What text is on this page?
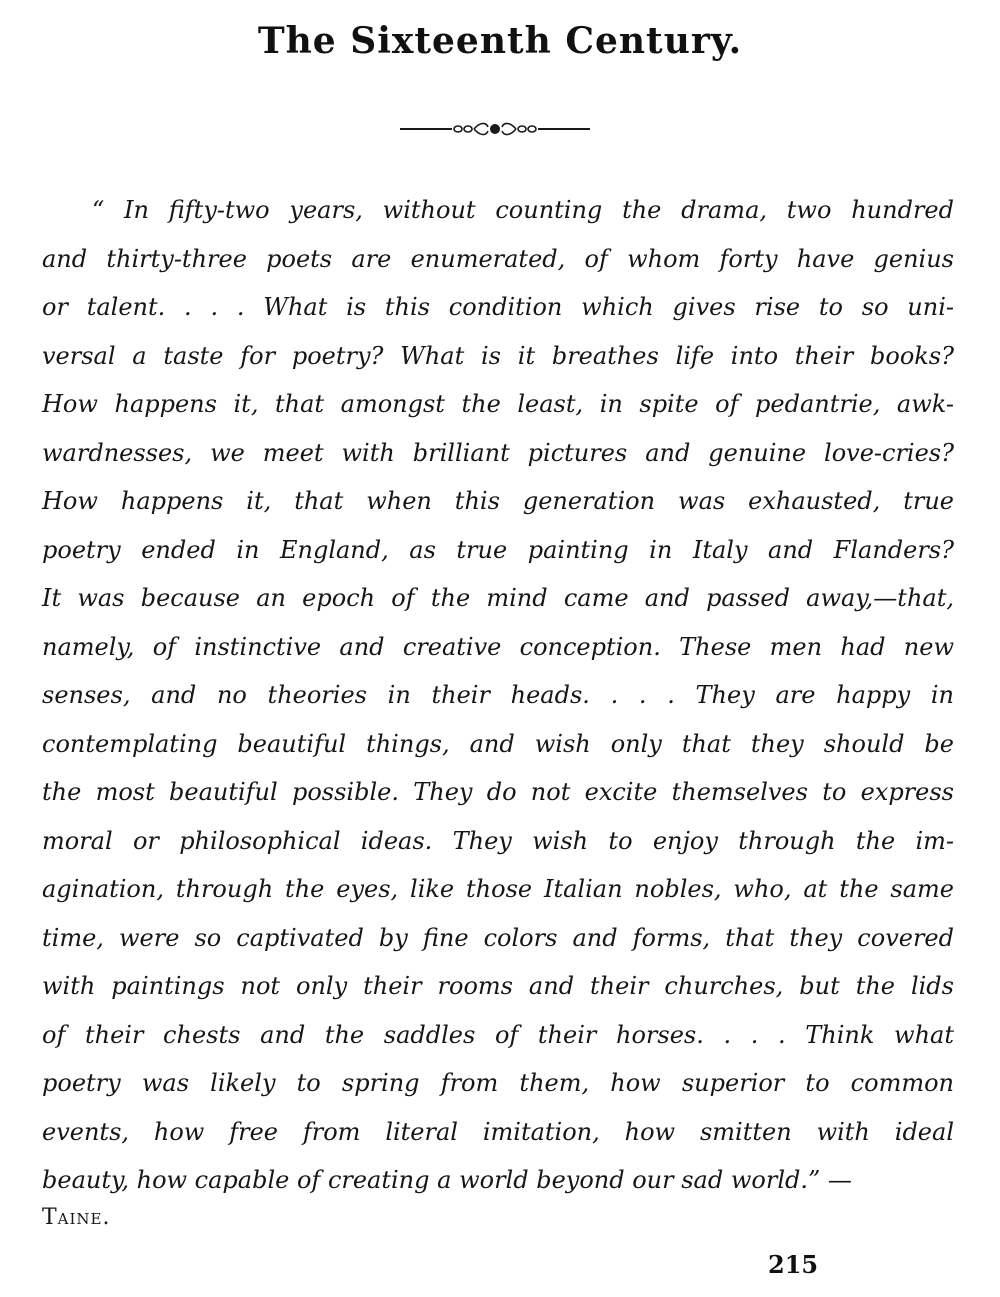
The Sixteenth Century.
“ In fifty-two years, without counting the drama, two hundred
and thirty-three poets are enumerated, of whom forty have genius
or talent. . . . What is this condition which gives rise to so uni-
versal a taste for poetry? What is it breathes life into their books?
How happens it, that amongst the least, in spite of pedantrie, awk-
wardnesses, we meet with brilliant pictures and genuine love-cries?
How happens it, that when this generation was exhausted, true
poetry ended in England, as true painting in Italy and Flanders?
It was because an epoch of the mind came and passed away,—that,
namely, of instinctive and creative conception. These men had new
senses, and no theories in their heads. . . . They are happy in
contemplating beautiful things, and wish only that they should be
the most beautiful possible. They do not excite themselves to express
moral or philosophical ideas. They wish to enjoy through the im-
agination, through the eyes, like those Italian nobles, who, at the same
time, were so captivated by fine colors and forms, that they covered
with paintings not only their rooms and their churches, but the lids
of their chests and the saddles of their horses. . . . Think what
poetry was likely to spring from them, how superior to common
events, how free from literal imitation, how smitten with ideal
beauty, how capable of creating a world beyond our sad world.” —
Taine.
215
